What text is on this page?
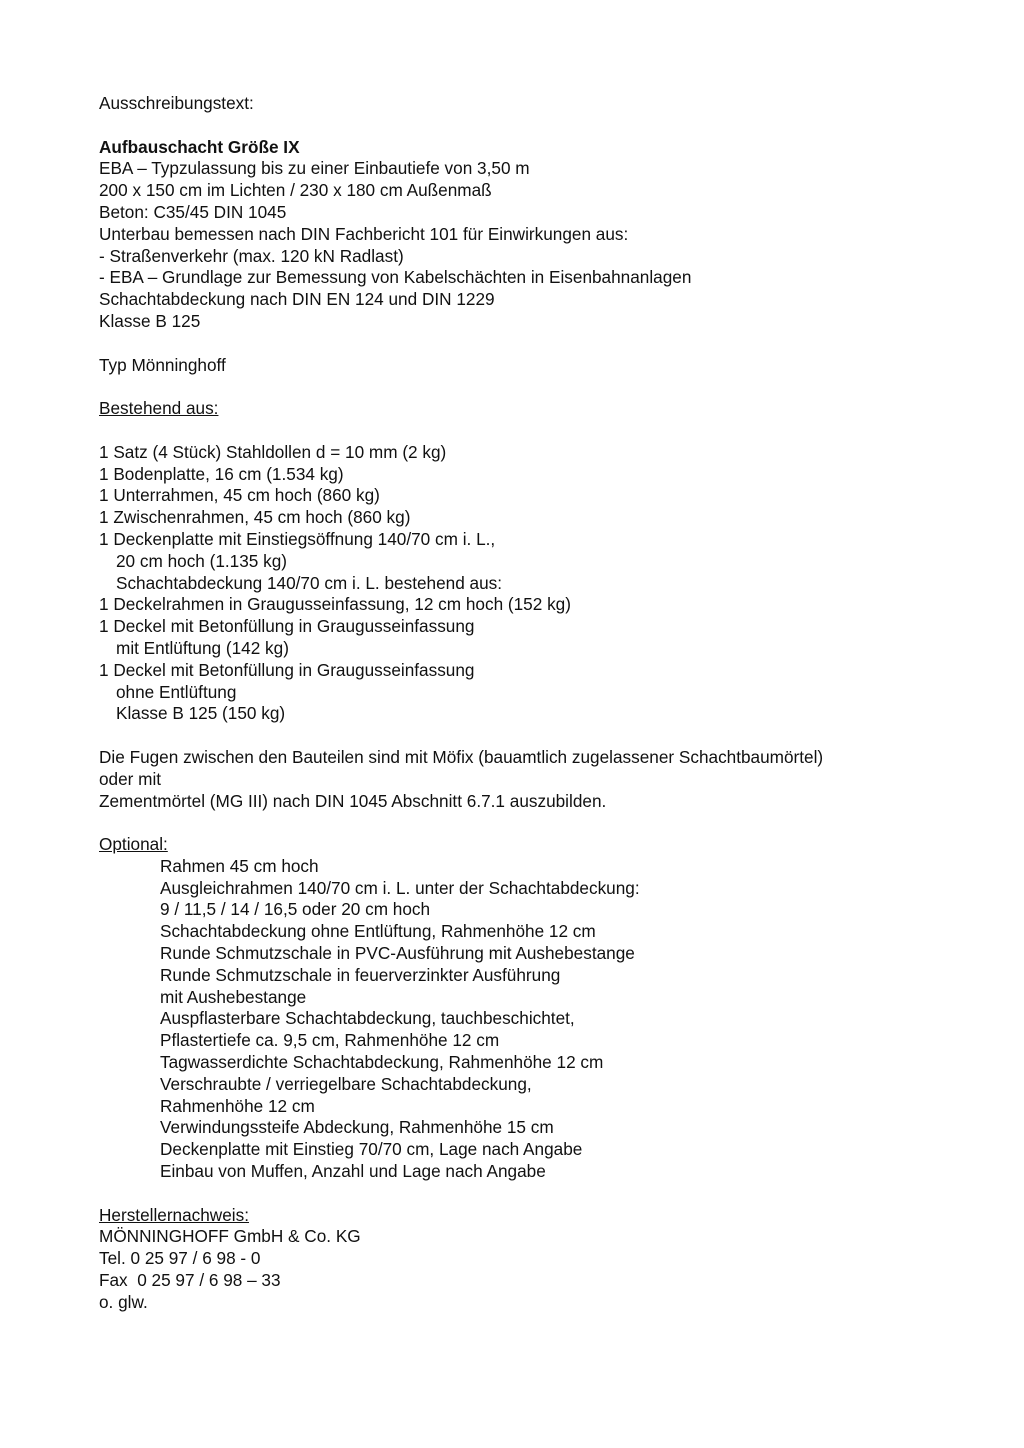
Ausschreibungstext:
Aufbauschacht Größe IX
EBA – Typzulassung bis zu einer Einbautiefe von 3,50 m
200 x 150 cm im Lichten / 230 x 180 cm Außenmaß
Beton: C35/45 DIN 1045
Unterbau bemessen nach DIN Fachbericht 101 für Einwirkungen aus:
- Straßenverkehr (max. 120 kN Radlast)
- EBA – Grundlage zur Bemessung von Kabelschächten in Eisenbahnanlagen
Schachtabdeckung nach DIN EN 124 und DIN 1229
Klasse B 125
Typ Mönninghoff
Bestehend aus:
1 Satz (4 Stück) Stahldollen d = 10 mm (2 kg)
1 Bodenplatte, 16 cm (1.534 kg)
1 Unterrahmen, 45 cm hoch (860 kg)
1 Zwischenrahmen, 45 cm hoch (860 kg)
1 Deckenplatte mit Einstiegsöffnung 140/70 cm i. L.,
20 cm hoch (1.135 kg)
Schachtabdeckung 140/70 cm i. L. bestehend aus:
1 Deckelrahmen in Graugusseinfassung, 12 cm hoch (152 kg)
1 Deckel mit Betonfüllung in Graugusseinfassung
mit Entlüftung (142 kg)
1 Deckel mit Betonfüllung in Graugusseinfassung
ohne Entlüftung
Klasse B 125 (150 kg)
Die Fugen zwischen den Bauteilen sind mit Möfix (bauamtlich zugelassener Schachtbaumörtel)
oder mit
Zementmörtel (MG III) nach DIN 1045 Abschnitt 6.7.1 auszubilden.
Optional:
Rahmen 45 cm hoch
Ausgleichrahmen 140/70 cm i. L. unter der Schachtabdeckung:
9 / 11,5 / 14 / 16,5 oder 20 cm hoch
Schachtabdeckung ohne Entlüftung, Rahmenhöhe 12 cm
Runde Schmutzschale in PVC-Ausführung mit Aushebestange
Runde Schmutzschale in feuerverzinkter Ausführung
mit Aushebestange
Auspflasterbare Schachtabdeckung, tauchbeschichtet,
Pflastertiefe ca. 9,5 cm, Rahmenhöhe 12 cm
Tagwasserdichte Schachtabdeckung, Rahmenhöhe 12 cm
Verschraubte / verriegelbare Schachtabdeckung,
Rahmenhöhe 12 cm
Verwindungssteife Abdeckung, Rahmenhöhe 15 cm
Deckenplatte mit Einstieg 70/70 cm, Lage nach Angabe
Einbau von Muffen, Anzahl und Lage nach Angabe
Herstellernachweis:
MÖNNINGHOFF GmbH & Co. KG
Tel. 0 25 97 / 6 98 - 0
Fax  0 25 97 / 6 98 – 33
o. glw.
